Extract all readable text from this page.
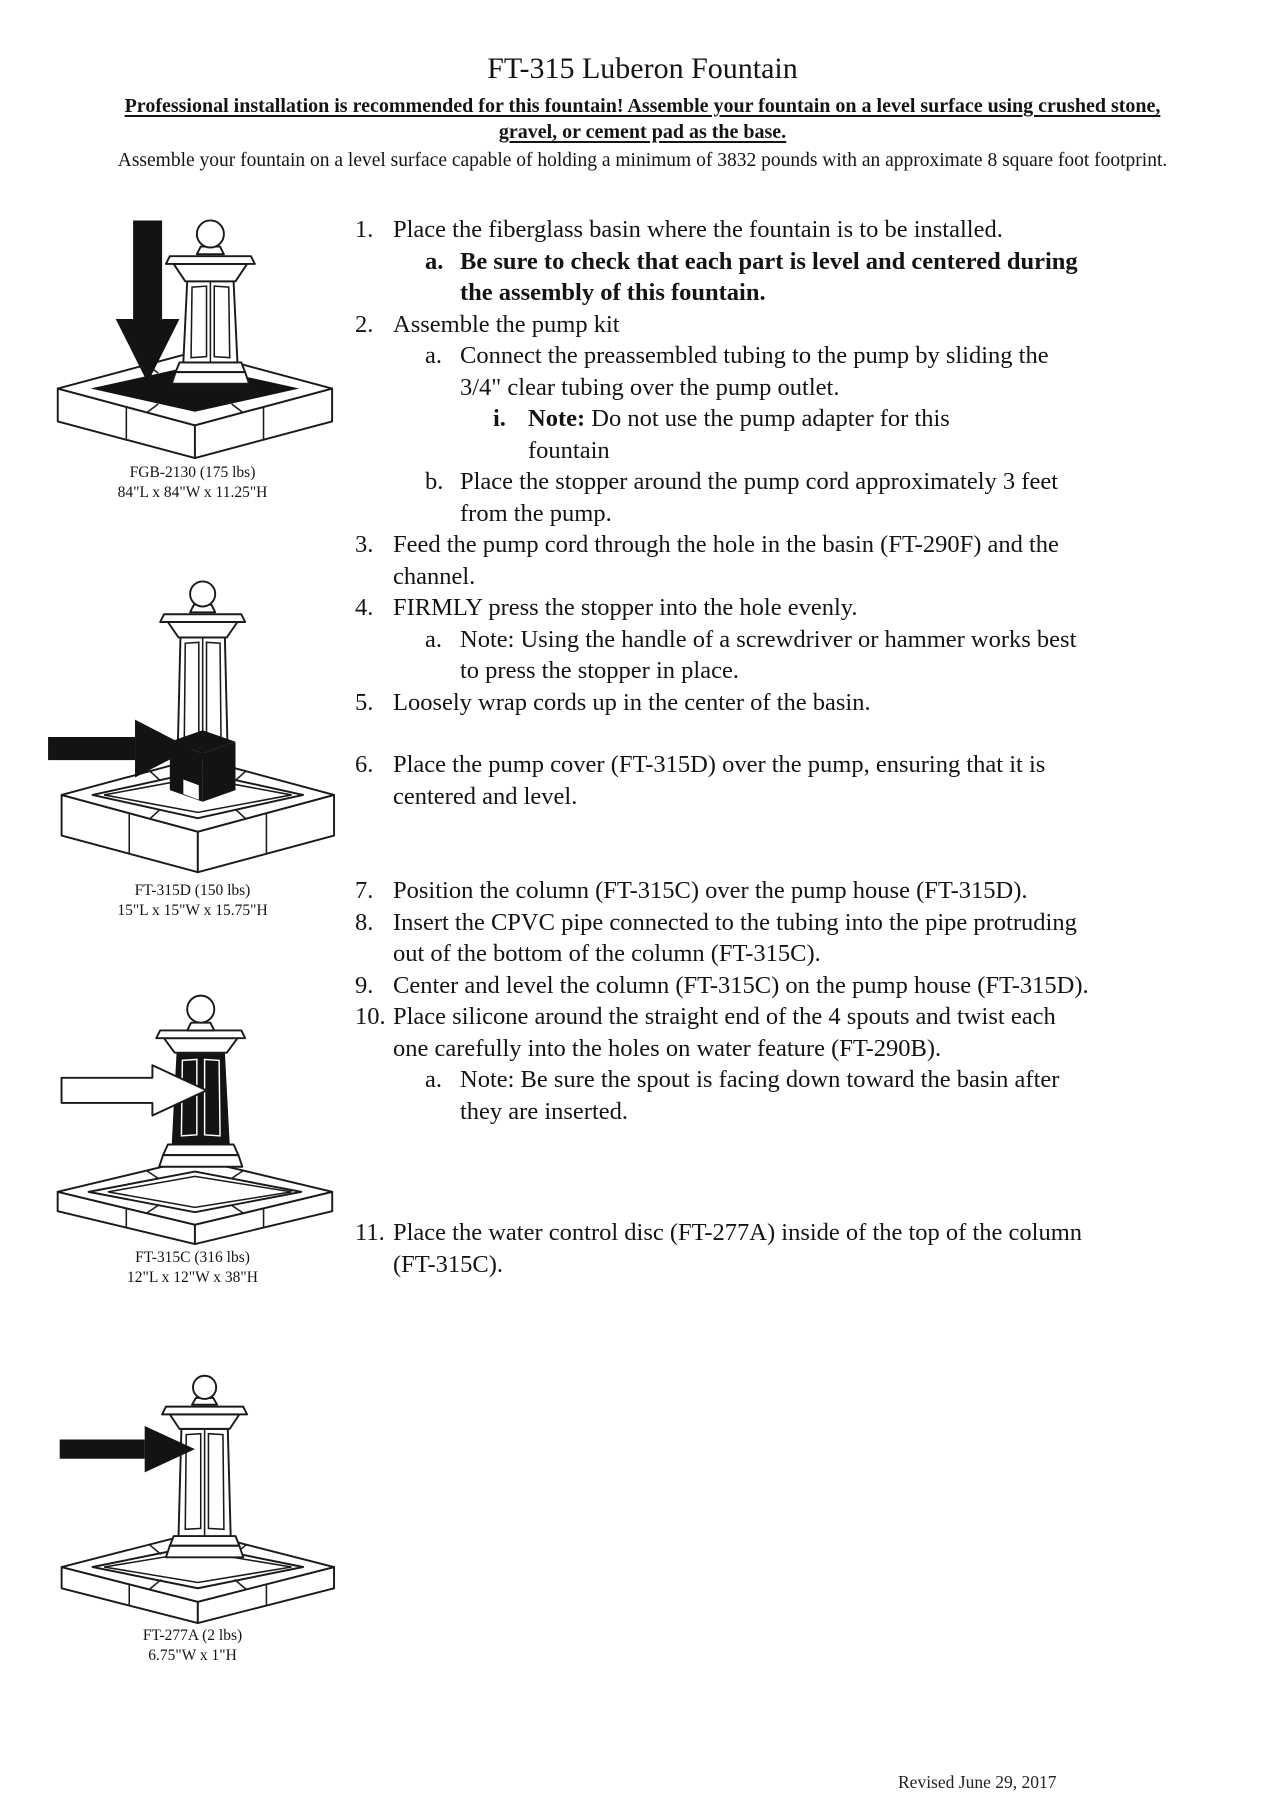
FT-315 Luberon Fountain
Professional installation is recommended for this fountain! Assemble your fountain on a level surface using crushed stone,
gravel, or cement pad as the base.
Assemble your fountain on a level surface capable of holding a minimum of 3832 pounds with an approximate 8 square foot footprint.
FGB-2130 (175 lbs)
84"L x 84"W x 11.25"H
FT-315D (150 lbs)
15"L x 15"W x 15.75"H
FT-315C (316 lbs)
12"L x 12"W x 38"H
FT-277A (2 lbs)
6.75"W x 1"H
1. Place the fiberglass basin where the fountain is to be installed.
a. Be sure to check that each part is level and centered during the assembly of this fountain.
2. Assemble the pump kit
a. Connect the preassembled tubing to the pump by sliding the 3/4" clear tubing over the pump outlet.
i. Note: Do not use the pump adapter for this fountain
b. Place the stopper around the pump cord approximately 3 feet from the pump.
3. Feed the pump cord through the hole in the basin (FT-290F) and the channel.
4. FIRMLY press the stopper into the hole evenly.
a. Note: Using the handle of a screwdriver or hammer works best to press the stopper in place.
5. Loosely wrap cords up in the center of the basin.
6. Place the pump cover (FT-315D) over the pump, ensuring that it is centered and level.
7. Position the column (FT-315C) over the pump house (FT-315D).
8. Insert the CPVC pipe connected to the tubing into the pipe protruding out of the bottom of the column (FT-315C).
9. Center and level the column (FT-315C) on the pump house (FT-315D).
10. Place silicone around the straight end of the 4 spouts and twist each one carefully into the holes on water feature (FT-290B).
a. Note: Be sure the spout is facing down toward the basin after they are inserted.
11. Place the water control disc (FT-277A) inside of the top of the column (FT-315C).
Revised June 29, 2017
